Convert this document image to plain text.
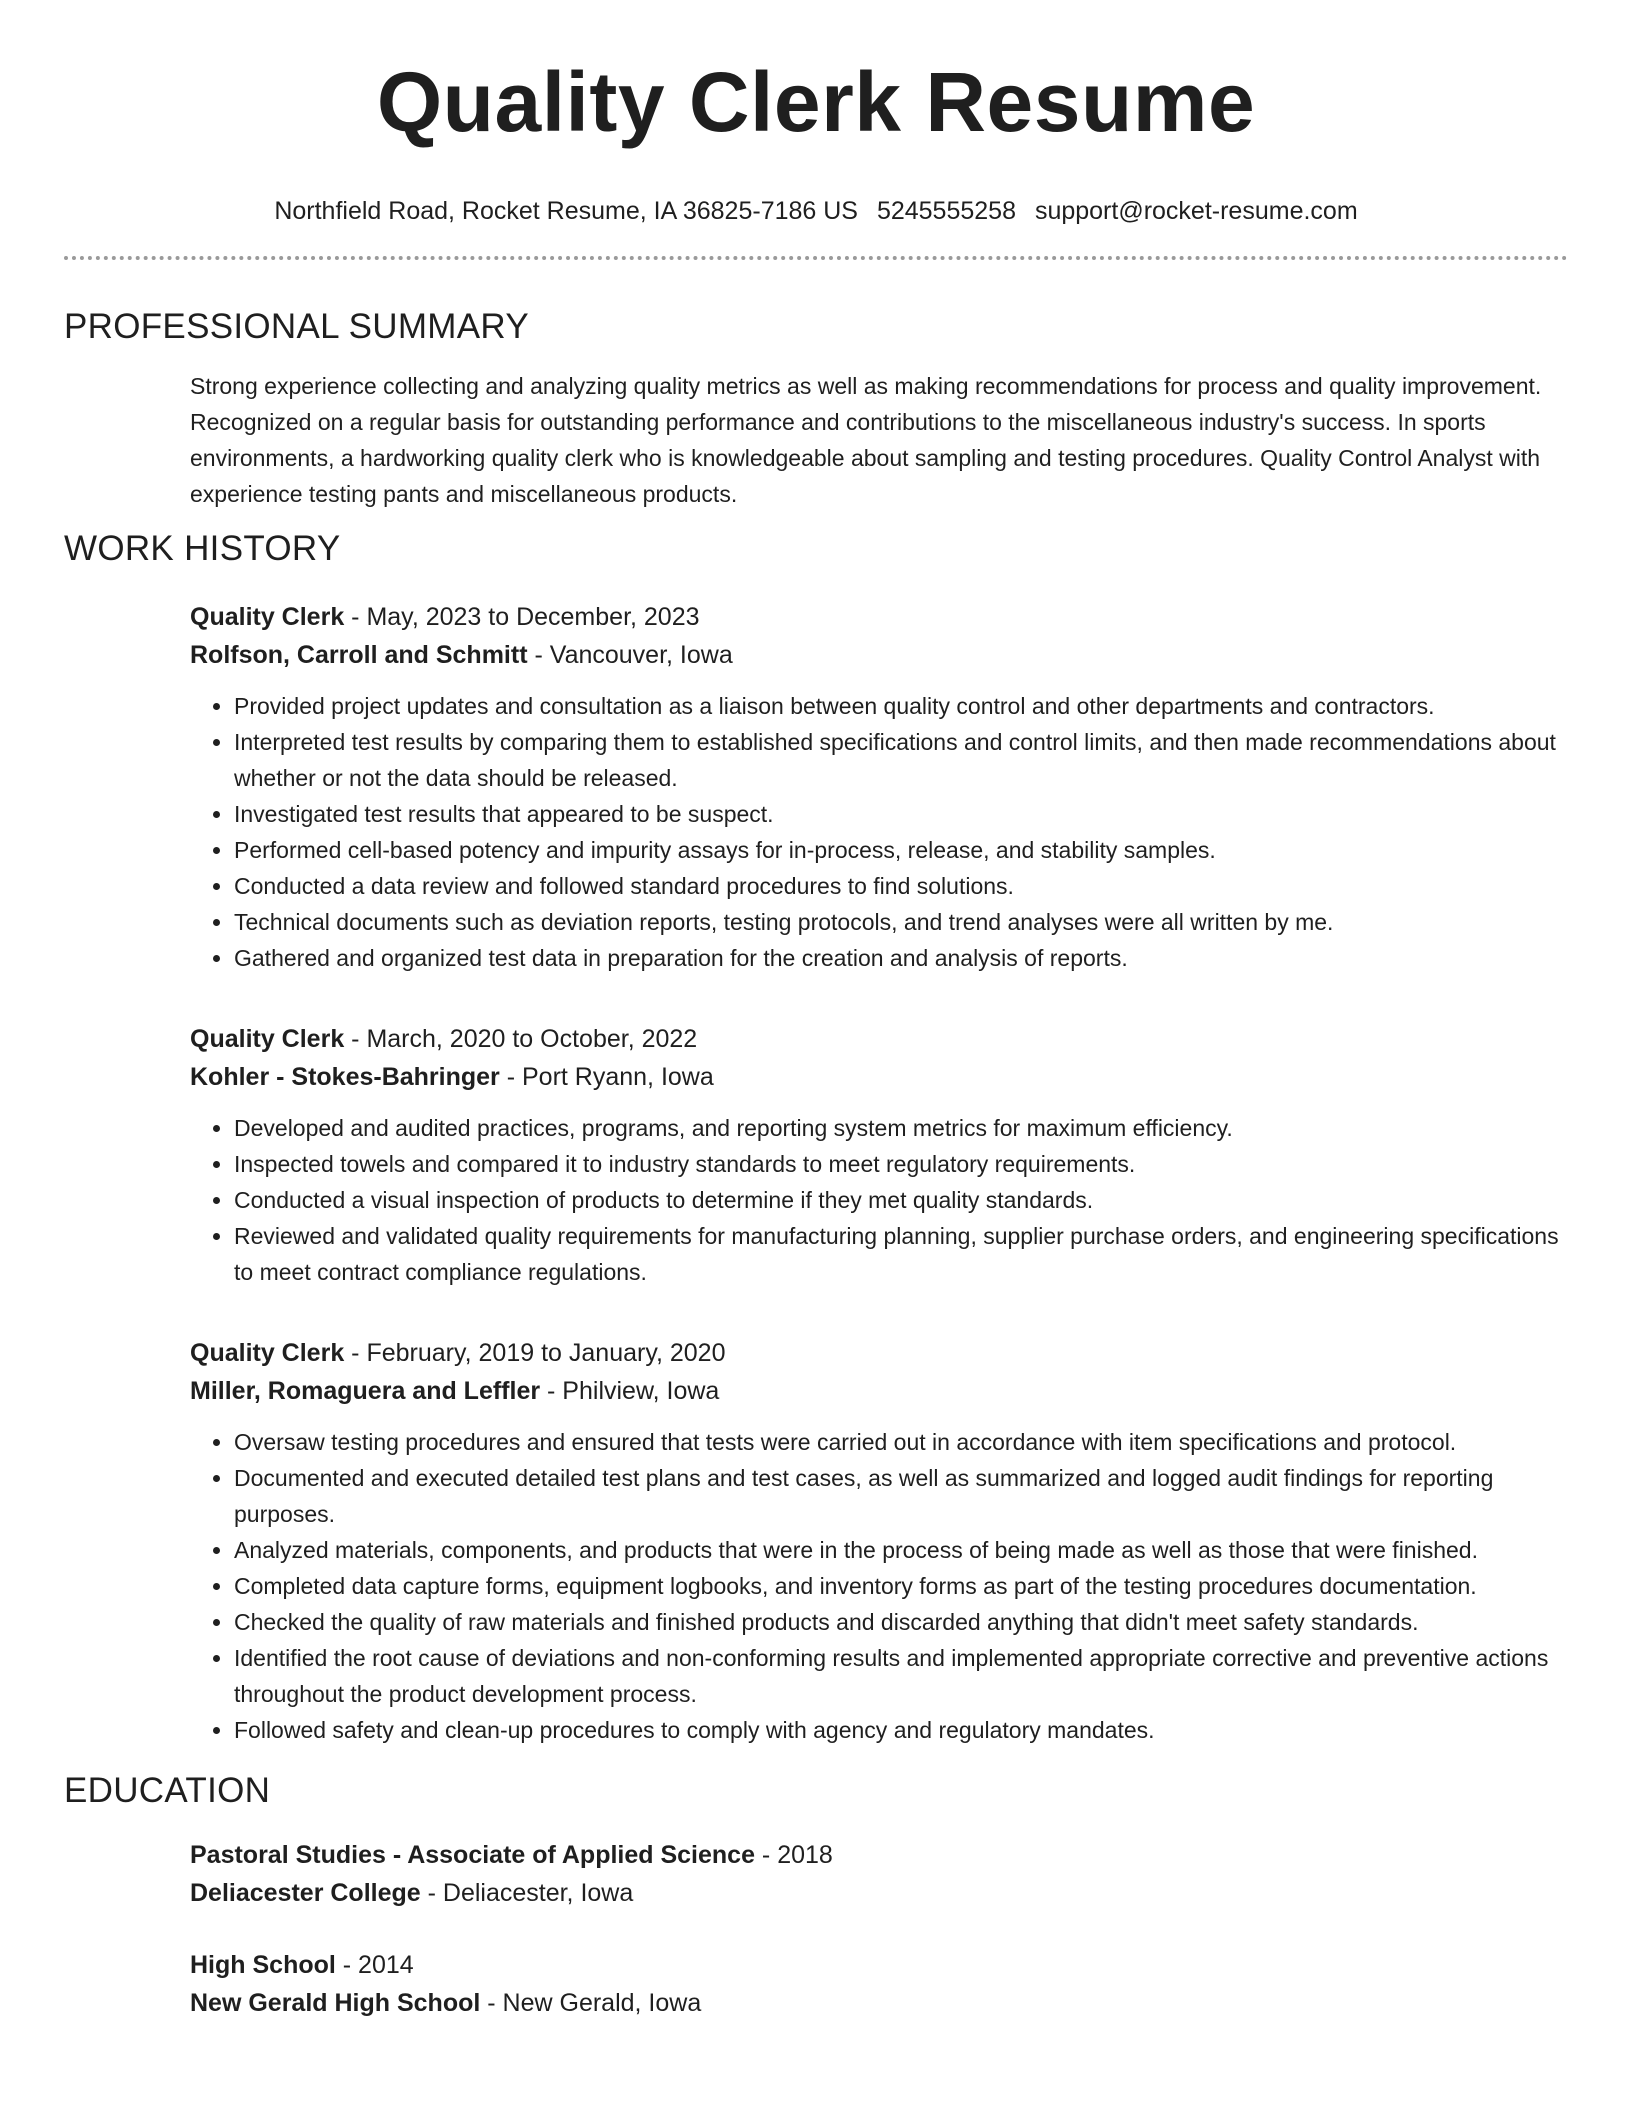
Quality Clerk Resume
Northfield Road, Rocket Resume, IA 36825-7186 US 5245555258 support@rocket-resume.com
PROFESSIONAL SUMMARY
Strong experience collecting and analyzing quality metrics as well as making recommendations for process and quality improvement. Recognized on a regular basis for outstanding performance and contributions to the miscellaneous industry's success. In sports environments, a hardworking quality clerk who is knowledgeable about sampling and testing procedures. Quality Control Analyst with experience testing pants and miscellaneous products.
WORK HISTORY
Quality Clerk - May, 2023 to December, 2023
Rolfson, Carroll and Schmitt - Vancouver, Iowa
• Provided project updates and consultation as a liaison between quality control and other departments and contractors.
• Interpreted test results by comparing them to established specifications and control limits, and then made recommendations about whether or not the data should be released.
• Investigated test results that appeared to be suspect.
• Performed cell-based potency and impurity assays for in-process, release, and stability samples.
• Conducted a data review and followed standard procedures to find solutions.
• Technical documents such as deviation reports, testing protocols, and trend analyses were all written by me.
• Gathered and organized test data in preparation for the creation and analysis of reports.
Quality Clerk - March, 2020 to October, 2022
Kohler - Stokes-Bahringer - Port Ryann, Iowa
• Developed and audited practices, programs, and reporting system metrics for maximum efficiency.
• Inspected towels and compared it to industry standards to meet regulatory requirements.
• Conducted a visual inspection of products to determine if they met quality standards.
• Reviewed and validated quality requirements for manufacturing planning, supplier purchase orders, and engineering specifications to meet contract compliance regulations.
Quality Clerk - February, 2019 to January, 2020
Miller, Romaguera and Leffler - Philview, Iowa
• Oversaw testing procedures and ensured that tests were carried out in accordance with item specifications and protocol.
• Documented and executed detailed test plans and test cases, as well as summarized and logged audit findings for reporting purposes.
• Analyzed materials, components, and products that were in the process of being made as well as those that were finished.
• Completed data capture forms, equipment logbooks, and inventory forms as part of the testing procedures documentation.
• Checked the quality of raw materials and finished products and discarded anything that didn't meet safety standards.
• Identified the root cause of deviations and non-conforming results and implemented appropriate corrective and preventive actions throughout the product development process.
• Followed safety and clean-up procedures to comply with agency and regulatory mandates.
EDUCATION
Pastoral Studies - Associate of Applied Science - 2018
Deliacester College - Deliacester, Iowa
High School - 2014
New Gerald High School - New Gerald, Iowa
